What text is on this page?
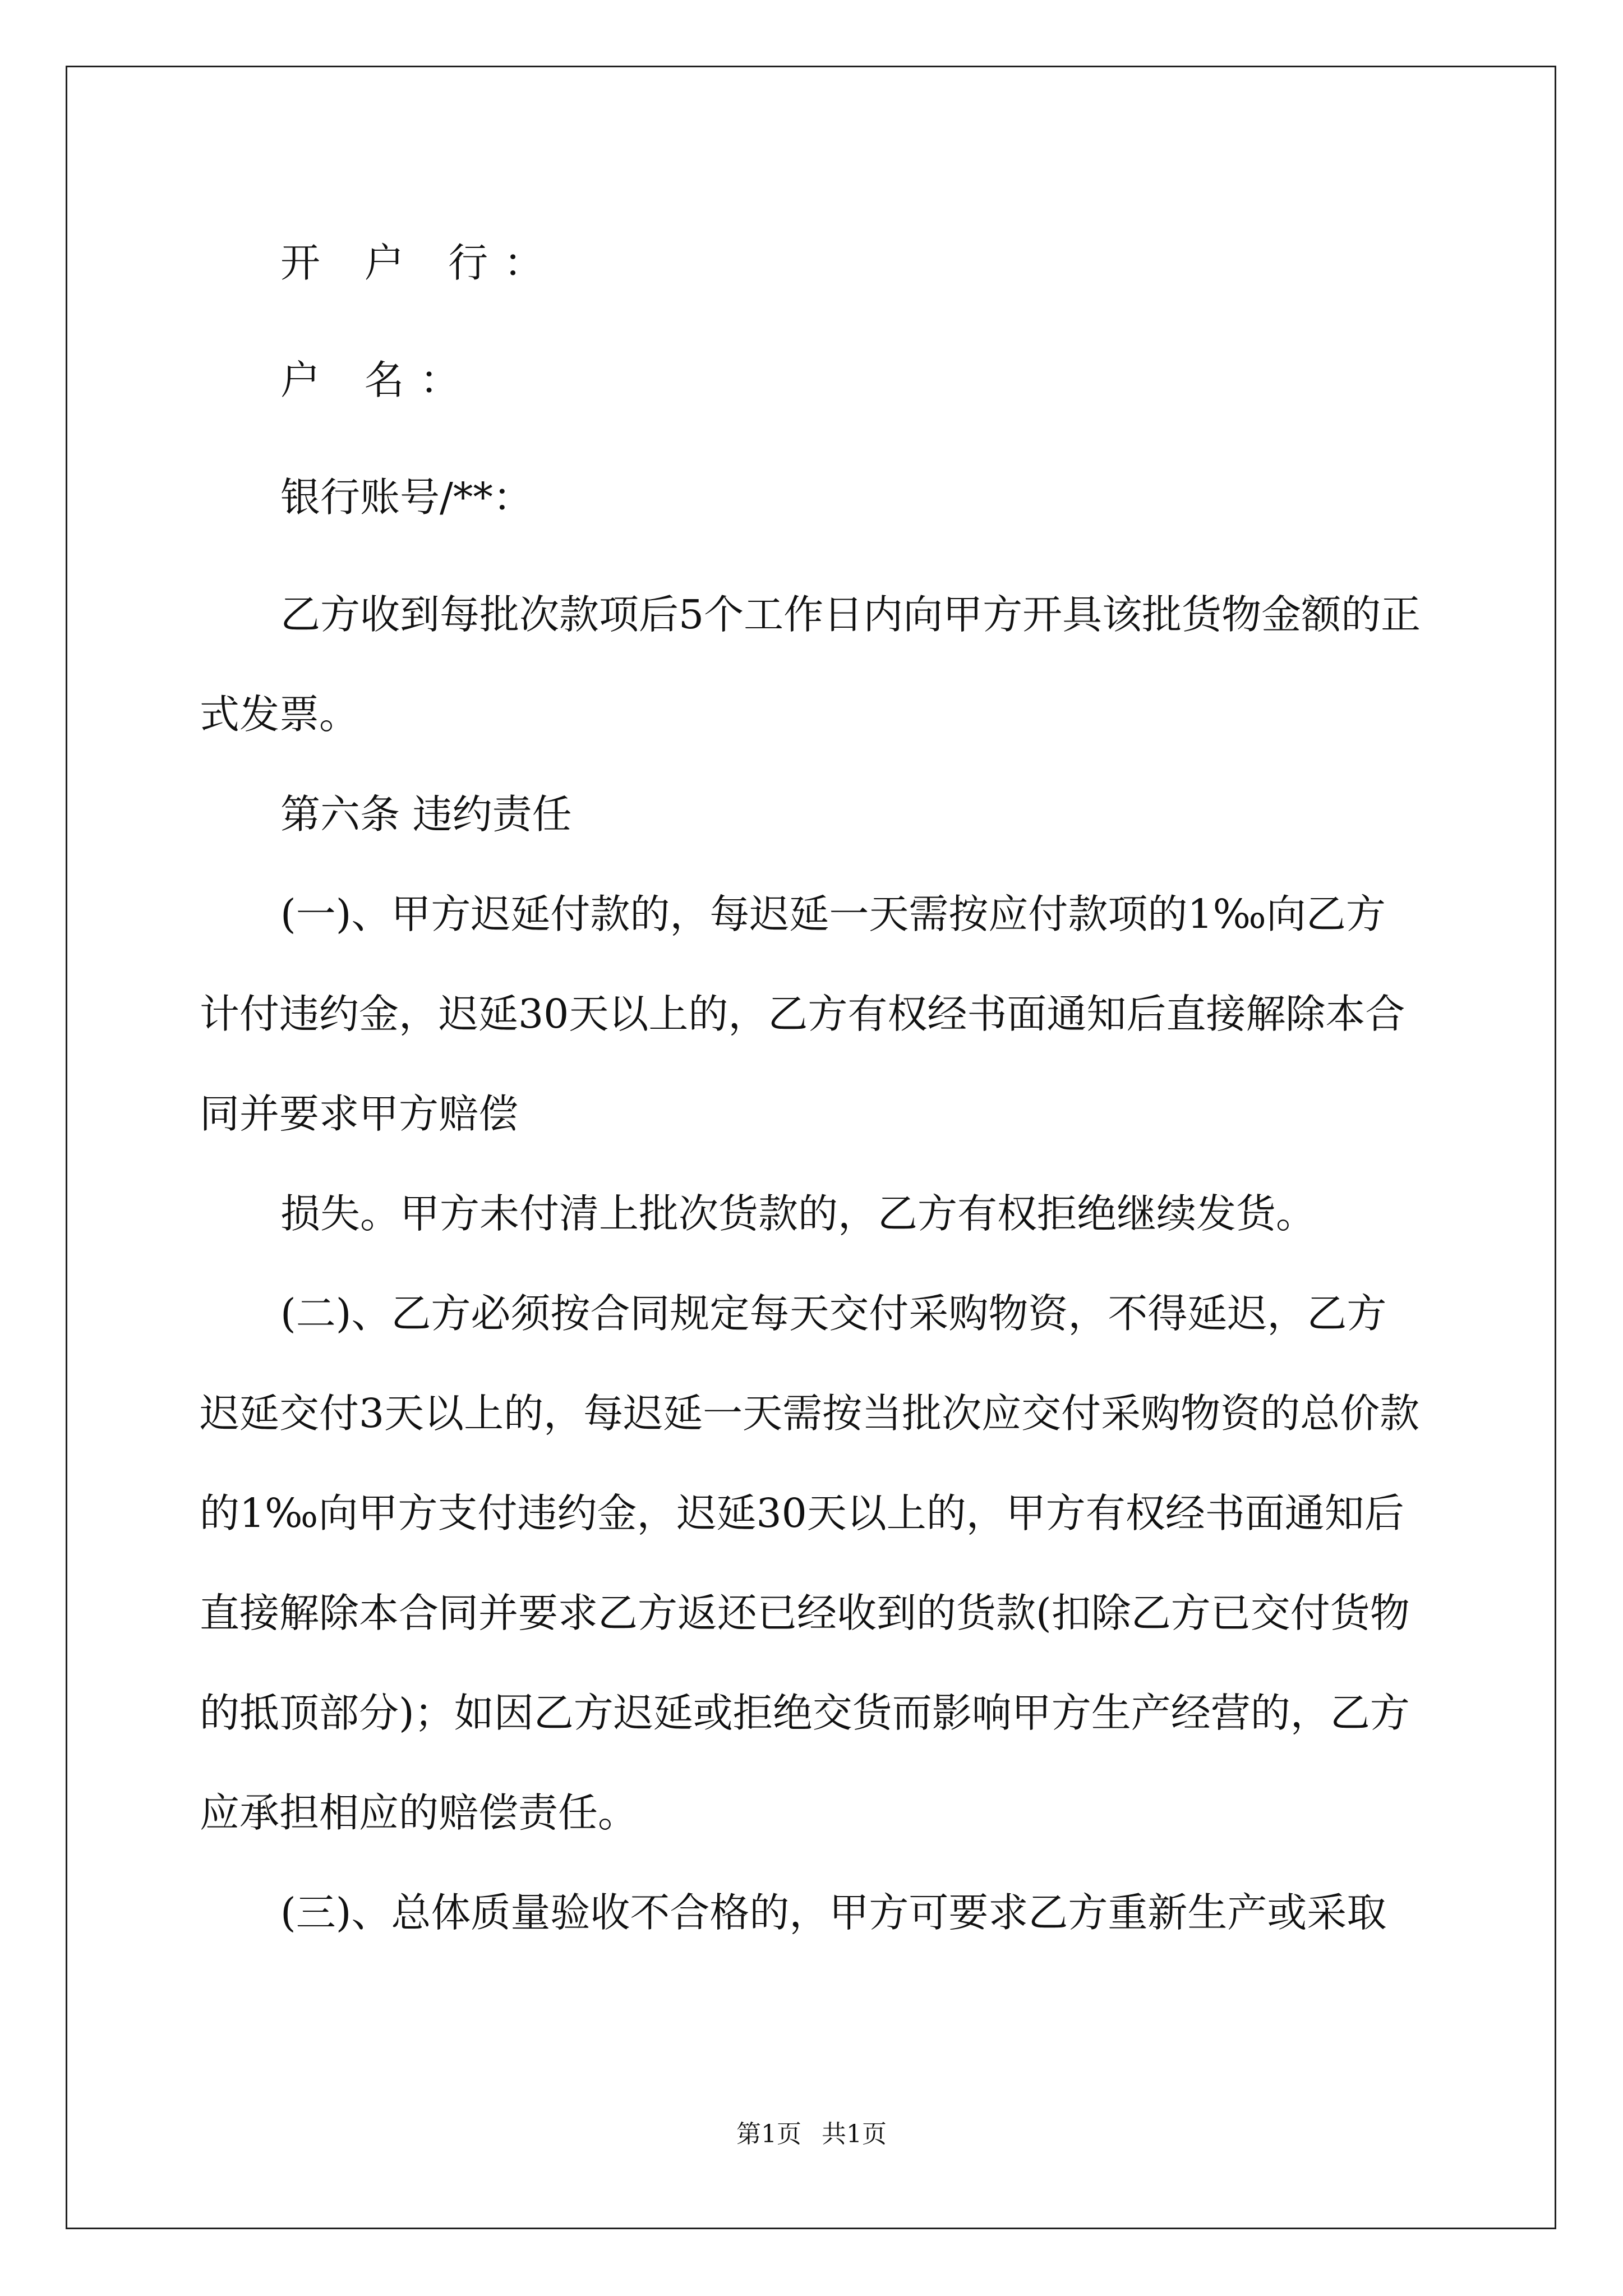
开 户 行：

户 名：

银行账号/**：

乙方收到每批次款项后5个工作日内向甲方开具该批货物金额的正式发票。

第六条 违约责任

(一)、甲方迟延付款的，每迟延一天需按应付款项的1‰向乙方计付违约金，迟延30天以上的，乙方有权经书面通知后直接解除本合同并要求甲方赔偿

损失。甲方未付清上批次货款的，乙方有权拒绝继续发货。

(二)、乙方必须按合同规定每天交付采购物资，不得延迟，乙方迟延交付3天以上的，每迟延一天需按当批次应交付采购物资的总价款的1‰向甲方支付违约金，迟延30天以上的，甲方有权经书面通知后直接解除本合同并要求乙方返还已经收到的货款(扣除乙方已交付货物的抵顶部分)；如因乙方迟延或拒绝交货而影响甲方生产经营的，乙方应承担相应的赔偿责任。

(三)、总体质量验收不合格的，甲方可要求乙方重新生产或采取

第1页 共1页
